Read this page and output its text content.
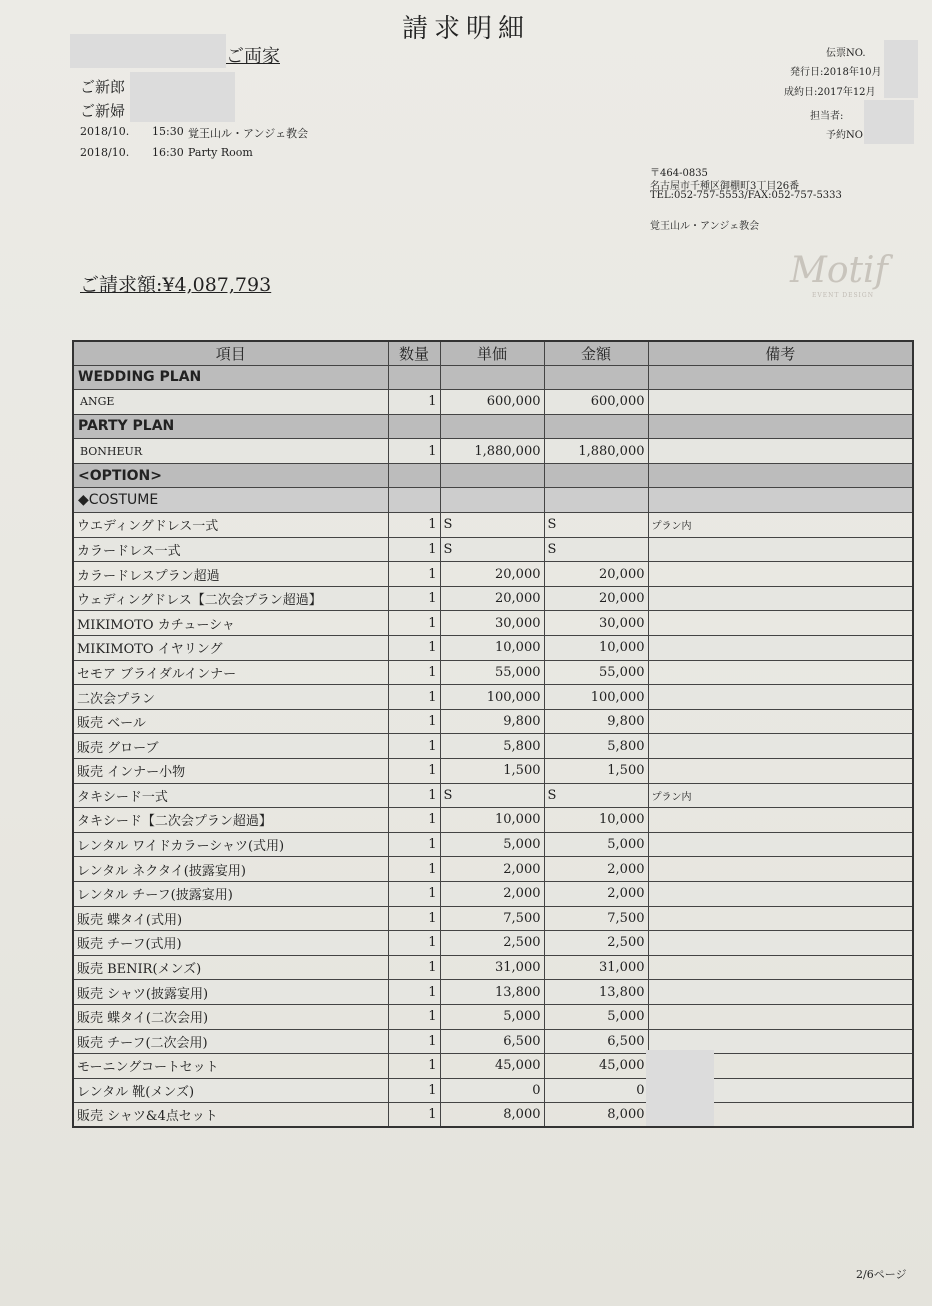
請求明細
ご両家
ご新郎
ご新婦
2018/10. 15:30 覚王山ル・アンジェ教会
2018/10. 16:30 Party Room
伝票NO.
発行日:2018年10月
成約日:2017年12月
担当者:
予約NO
〒464-0835
名古屋市千種区御棚町3丁目26番
TEL:052-757-5553/FAX:052-757-5333
覚王山ル・アンジェ教会
Motif
EVENT DESIGN
ご請求額:¥4,087,793
項目	数量	単価	金額	備考
WEDDING PLAN				
ANGE	1	600,000	600,000	
PARTY PLAN				
BONHEUR	1	1,880,000	1,880,000	
<OPTION>				
◆COSTUME				
ウエディングドレス一式	1	S	S	プラン内
カラードレス一式	1	S	S	
カラードレスプラン超過	1	20,000	20,000	
ウェディングドレス【二次会プラン超過】	1	20,000	20,000	
MIKIMOTO カチューシャ	1	30,000	30,000	
MIKIMOTO イヤリング	1	10,000	10,000	
セモア ブライダルインナー	1	55,000	55,000	
二次会プラン	1	100,000	100,000	
販売 ベール	1	9,800	9,800	
販売 グローブ	1	5,800	5,800	
販売 インナー小物	1	1,500	1,500	
タキシード一式	1	S	S	プラン内
タキシード【二次会プラン超過】	1	10,000	10,000	
レンタル ワイドカラーシャツ(式用)	1	5,000	5,000	
レンタル ネクタイ(披露宴用)	1	2,000	2,000	
レンタル チーフ(披露宴用)	1	2,000	2,000	
販売 蝶タイ(式用)	1	7,500	7,500	
販売 チーフ(式用)	1	2,500	2,500	
販売 BENIR(メンズ)	1	31,000	31,000	
販売 シャツ(披露宴用)	1	13,800	13,800	
販売 蝶タイ(二次会用)	1	5,000	5,000	
販売 チーフ(二次会用)	1	6,500	6,500	
モーニングコートセット	1	45,000	45,000	
レンタル 靴(メンズ)	1	0	0	
販売 シャツ&4点セット	1	8,000	8,000	
2/6ページ
